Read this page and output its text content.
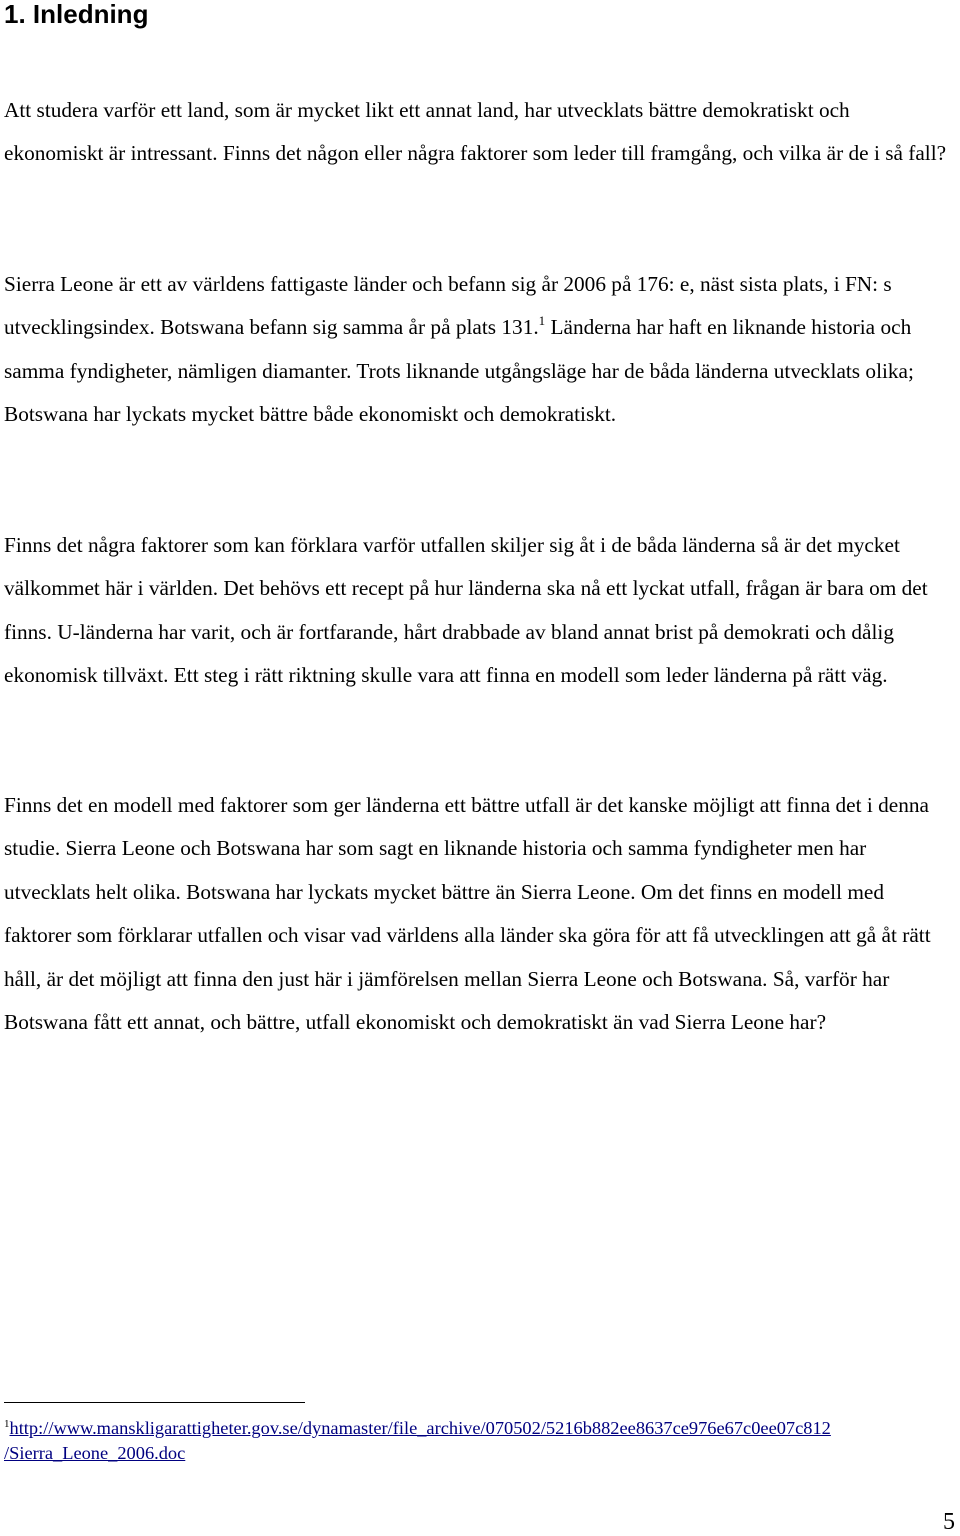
1. Inledning

Att studera varför ett land, som är mycket likt ett annat land, har utvecklats bättre demokratiskt och ekonomiskt är intressant. Finns det någon eller några faktorer som leder till framgång, och vilka är de i så fall?

Sierra Leone är ett av världens fattigaste länder och befann sig år 2006 på 176: e, näst sista plats, i FN: s utvecklingsindex. Botswana befann sig samma år på plats 131.$^1$ Länderna har haft en liknande historia och samma fyndigheter, nämligen diamanter. Trots liknande utgångsläge har de båda länderna utvecklats olika; Botswana har lyckats mycket bättre både ekonomiskt och demokratiskt.

Finns det några faktorer som kan förklara varför utfallen skiljer sig åt i de båda länderna så är det mycket välkommet här i världen. Det behövs ett recept på hur länderna ska nå ett lyckat utfall, frågan är bara om det finns. U-länderna har varit, och är fortfarande, hårt drabbade av bland annat brist på demokrati och dålig ekonomisk tillväxt. Ett steg i rätt riktning skulle vara att finna en modell som leder länderna på rätt väg.

Finns det en modell med faktorer som ger länderna ett bättre utfall är det kanske möjligt att finna det i denna studie. Sierra Leone och Botswana har som sagt en liknande historia och samma fyndigheter men har utvecklats helt olika. Botswana har lyckats mycket bättre än Sierra Leone. Om det finns en modell med faktorer som förklarar utfallen och visar vad världens alla länder ska göra för att få utvecklingen att gå åt rätt håll, är det möjligt att finna den just här i jämförelsen mellan Sierra Leone och Botswana. Så, varför har Botswana fått ett annat, och bättre, utfall ekonomiskt och demokratiskt än vad Sierra Leone har?

$^1$http://www.manskligarattigheter.gov.se/dynamaster/file_archive/070502/5216b882ee8637ce976e67c0ee07c812
/Sierra_Leone_2006.doc

5
